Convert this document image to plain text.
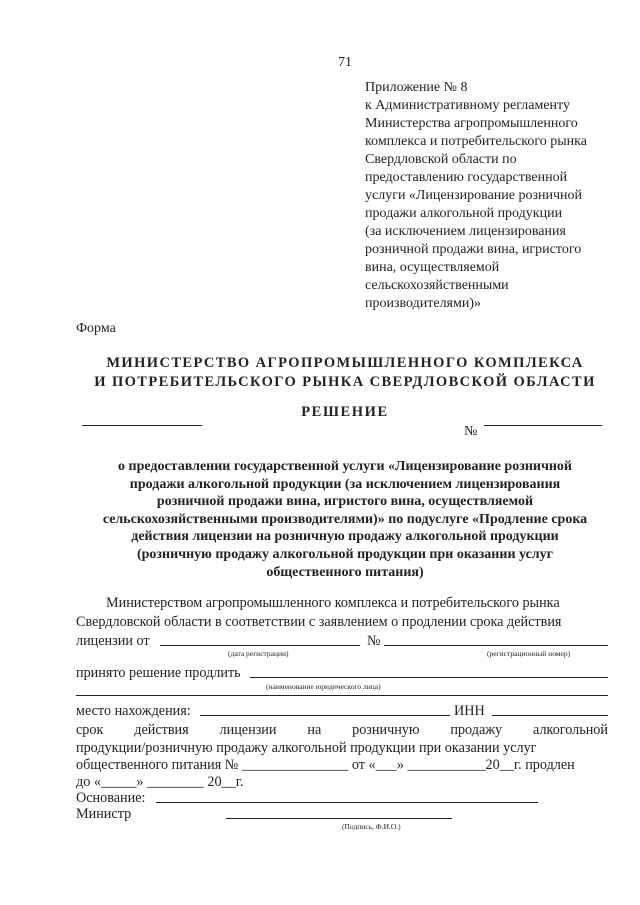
71
Приложение № 8
к Административному регламенту
Министерства агропромышленного
комплекса и потребительского рынка
Свердловской области по
предоставлению государственной
услуги «Лицензирование розничной
продажи алкогольной продукции
(за исключением лицензирования
розничной продажи вина, игристого
вина, осуществляемой
сельскохозяйственными
производителями)»
Форма
МИНИСТЕРСТВО АГРОПРОМЫШЛЕННОГО КОМПЛЕКСА
И ПОТРЕБИТЕЛЬСКОГО РЫНКА СВЕРДЛОВСКОЙ ОБЛАСТИ
РЕШЕНИЕ
№
о предоставлении государственной услуги «Лицензирование розничной
продажи алкогольной продукции (за исключением лицензирования
розничной продажи вина, игристого вина, осуществляемой
сельскохозяйственными производителями)» по подуслуге «Продление срока
действия лицензии на розничную продажу алкогольной продукции
(розничную продажу алкогольной продукции при оказании услуг
общественного питания)
Министерством агропромышленного комплекса и потребительского рынка
Свердловской области в соответствии с заявлением о продлении срока действия
лицензии от	№
(дата регистрации)	(регистрационный номер)
принято решение продлить
(наименование юридического лица)
место нахождения:	ИНН
срок действия лицензии на розничную продажу алкогольной
продукции/розничную продажу алкогольной продукции при оказании услуг
общественного питания № _______________ от «___» ___________20__г. продлен
до «_____» ________ 20__г.
Основание:
Министр
(Подпись, Ф.И.О.)
